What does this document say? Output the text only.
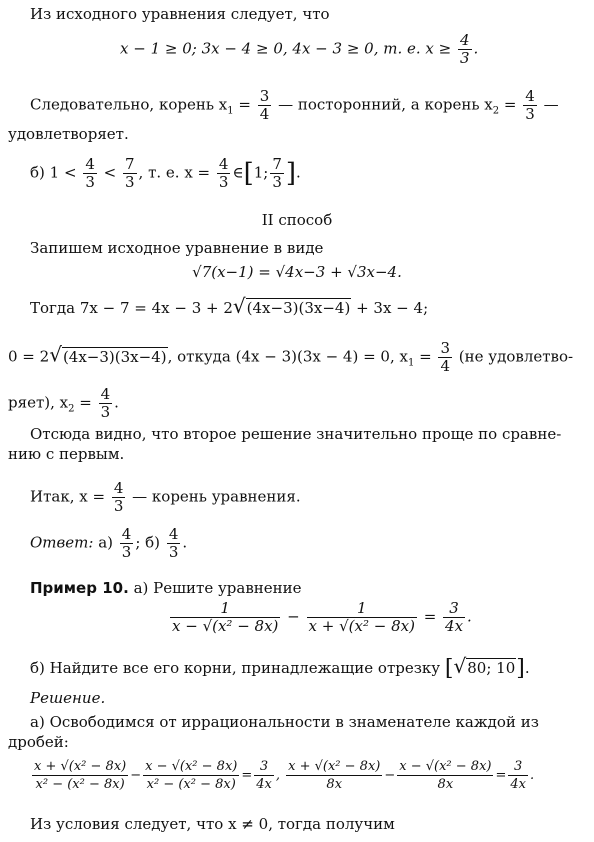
Из исходного уравнения следует, что
x − 1 ≥ 0; 3x − 4 ≥ 0, 4x − 3 ≥ 0, т. е. $x \ge \frac{4}{3}$ .
Следовательно, корень $x_1 = \frac{3}{4}$ — посторонний, а корень $x_2 = \frac{4}{3}$ —
удовлетворяет.
б) $1 < \frac{4}{3} < \frac{7}{3}$ , т. е. $x = \frac{4}{3}$ ∈[1; $\frac{7}{3}$ ].
II способ
Запишем исходное уравнение в виде
√7(x−1) = √4x−3 + √3x−4.
Тогда 7x − 7 = 4x − 3 + 2√(4x−3)(3x−4) + 3x − 4;
0 = 2√(4x−3)(3x−4), откуда (4x − 3)(3x − 4) = 0, $x_1 = \frac{3}{4} (не$ удовлетво-
ряет), $x_2 = \frac{4}{3}$ .
Отсюда видно, что второе решение значительно проще по сравне-
нию с первым.
Итак, $x = \frac{4}{3}$ — корень уравнения.
Ответ: $а) \frac{4}{3}$ ; $б) \frac{4}{3}$ .
Пример 10. а) Решите уравнение
$\frac{1}{\text{x − √(x² − 8x)}} - \frac{1}{\text{x + √(x² − 8x)}} = \frac{3}{4x}$ .
б) Найдите все его корни, принадлежащие отрезку [√80; 10].
Решение.
а) Освободимся от иррациональности в знаменателе каждой из
дробей:
$\frac{\text{x + √(x² − 8x)}}{\text{x² − (x² − 8x)}} - \frac{\text{x − √(x² − 8x)}}{\text{x² − (x² − 8x)}} = \frac{3}{4x}$ , $\frac{\text{x + √(x² − 8x)}}{8x} - \frac{\text{x − √(x² − 8x)}}{8x} = \frac{3}{4x}$ .
Из условия следует, что x ≠ 0, тогда получим
